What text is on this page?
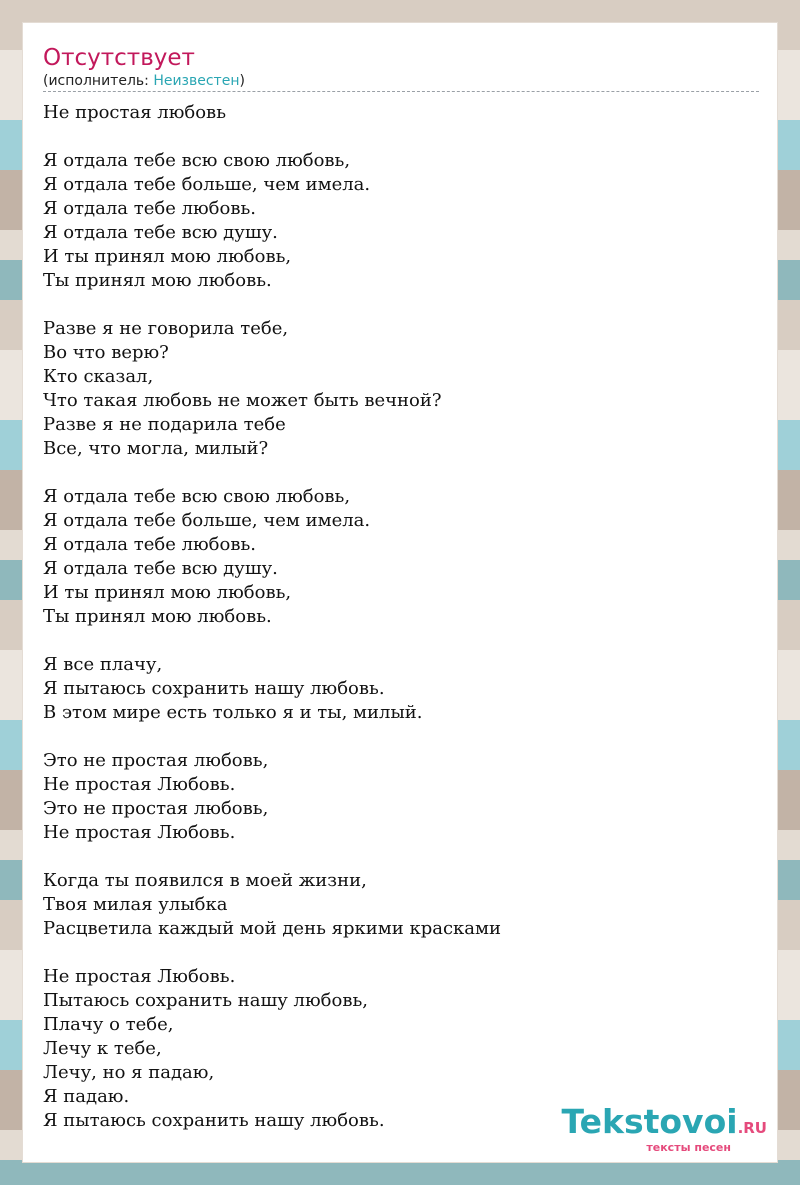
Отсутствует
(исполнитель: Неизвестен)
Не простая любовь
Я отдала тебе всю свою любовь,
Я отдала тебе больше, чем имела.
Я отдала тебе любовь.
Я отдала тебе всю душу.
И ты принял мою любовь,
Ты принял мою любовь.
Разве я не говорила тебе,
Во что верю?
Кто сказал,
Что такая любовь не может быть вечной?
Разве я не подарила тебе
Все, что могла, милый?
Я отдала тебе всю свою любовь,
Я отдала тебе больше, чем имела.
Я отдала тебе любовь.
Я отдала тебе всю душу.
И ты принял мою любовь,
Ты принял мою любовь.
Я все плачу,
Я пытаюсь сохранить нашу любовь.
В этом мире есть только я и ты, милый.
Это не простая любовь,
Не простая Любовь.
Это не простая любовь,
Не простая Любовь.
Когда ты появился в моей жизни,
Твоя милая улыбка
Расцветила каждый мой день яркими красками
Не простая Любовь.
Пытаюсь сохранить нашу любовь,
Плачу о тебе,
Лечу к тебе,
Лечу, но я падаю,
Я падаю.
Я пытаюсь сохранить нашу любовь.	Tekstovoi.RU
тексты песен
